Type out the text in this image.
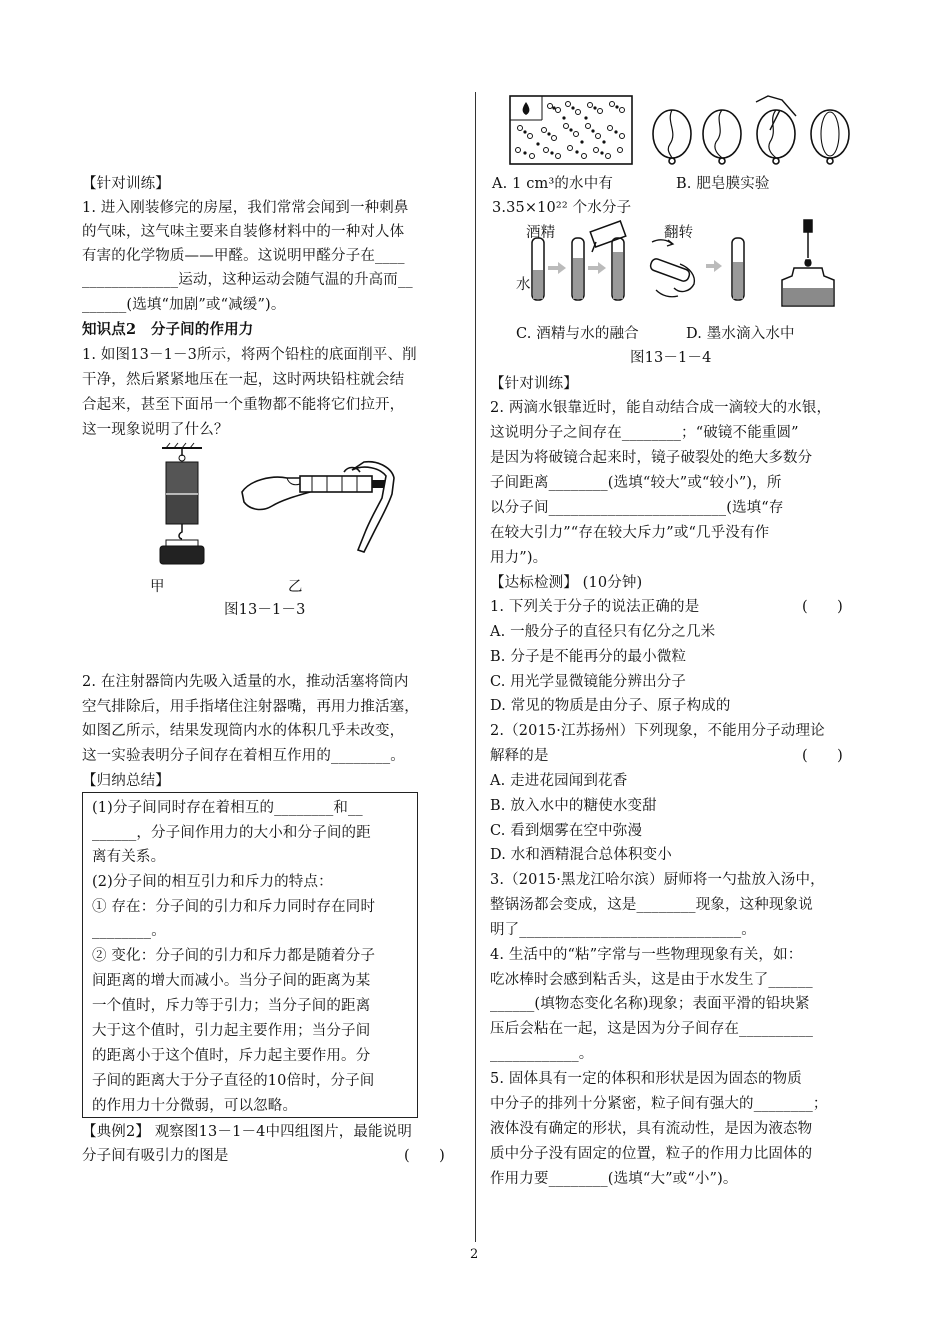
【针对训练】
1. 进入刚装修完的房屋，我们常常会闻到一种刺鼻
的气味，这气味主要来自装修材料中的一种对人体
有害的化学物质——甲醛。这说明甲醛分子在____
_____________运动，这种运动会随气温的升高而__
______(选填“加剧”或“减缓”)。
知识点2　分子间的作用力
1. 如图13－1－3所示，将两个铅柱的底面削平、削
干净，然后紧紧地压在一起，这时两块铅柱就会结
合起来，甚至下面吊一个重物都不能将它们拉开，
这一现象说明了什么？
甲	乙
图13－1－3
2. 在注射器筒内先吸入适量的水，推动活塞将筒内
空气排除后，用手指堵住注射器嘴，再用力推活塞，
如图乙所示，结果发现筒内水的体积几乎未改变，
这一实验表明分子间存在着相互作用的________。
【归纳总结】
(1)分子间同时存在着相互的________和__
______，分子间作用力的大小和分子间的距
离有关系。
(2)分子间的相互引力和斥力的特点：
① 存在：分子间的引力和斥力同时存在同时
________。
② 变化：分子间的引力和斥力都是随着分子
间距离的增大而减小。当分子间的距离为某
一个值时，斥力等于引力；当分子间的距离
大于这个值时，引力起主要作用；当分子间
的距离小于这个值时，斥力起主要作用。分
子间的距离大于分子直径的10倍时，分子间
的作用力十分微弱，可以忽略。
【典例2】 观察图13－1－4中四组图片，最能说明
分子间有吸引力的图是	(　　)
A. 1 cm³的水中有	B. 肥皂膜实验
3.35×10²² 个水分子
酒精	翻转
水
C. 酒精与水的融合	D. 墨水滴入水中
图13－1－4
【针对训练】
2. 两滴水银靠近时，能自动结合成一滴较大的水银，
这说明分子之间存在________；“破镜不能重圆”
是因为将破镜合起来时，镜子破裂处的绝大多数分
子间距离________(选填“较大”或“较小”)，所
以分子间________________________(选填“存
在较大引力”“存在较大斥力”或“几乎没有作
用力”)。
【达标检测】 (10分钟)
1. 下列关于分子的说法正确的是	(　　)
A. 一般分子的直径只有亿分之几米
B. 分子是不能再分的最小微粒
C. 用光学显微镜能分辨出分子
D. 常见的物质是由分子、原子构成的
2.（2015·江苏扬州）下列现象，不能用分子动理论
解释的是	(　　)
A. 走进花园闻到花香
B. 放入水中的糖使水变甜
C. 看到烟雾在空中弥漫
D. 水和酒精混合总体积变小
3.（2015·黑龙江哈尔滨）厨师将一勺盐放入汤中，
整锅汤都会变成，这是________现象，这种现象说
明了______________________________。
4. 生活中的“粘”字常与一些物理现象有关，如：
吃冰棒时会感到粘舌头，这是由于水发生了______
______(填物态变化名称)现象；表面平滑的铅块紧
压后会粘在一起，这是因为分子间存在__________
____________。
5. 固体具有一定的体积和形状是因为固态的物质
中分子的排列十分紧密，粒子间有强大的________；
液体没有确定的形状，具有流动性，是因为液态物
质中分子没有固定的位置，粒子的作用力比固体的
作用力要________(选填“大”或“小”)。
2
